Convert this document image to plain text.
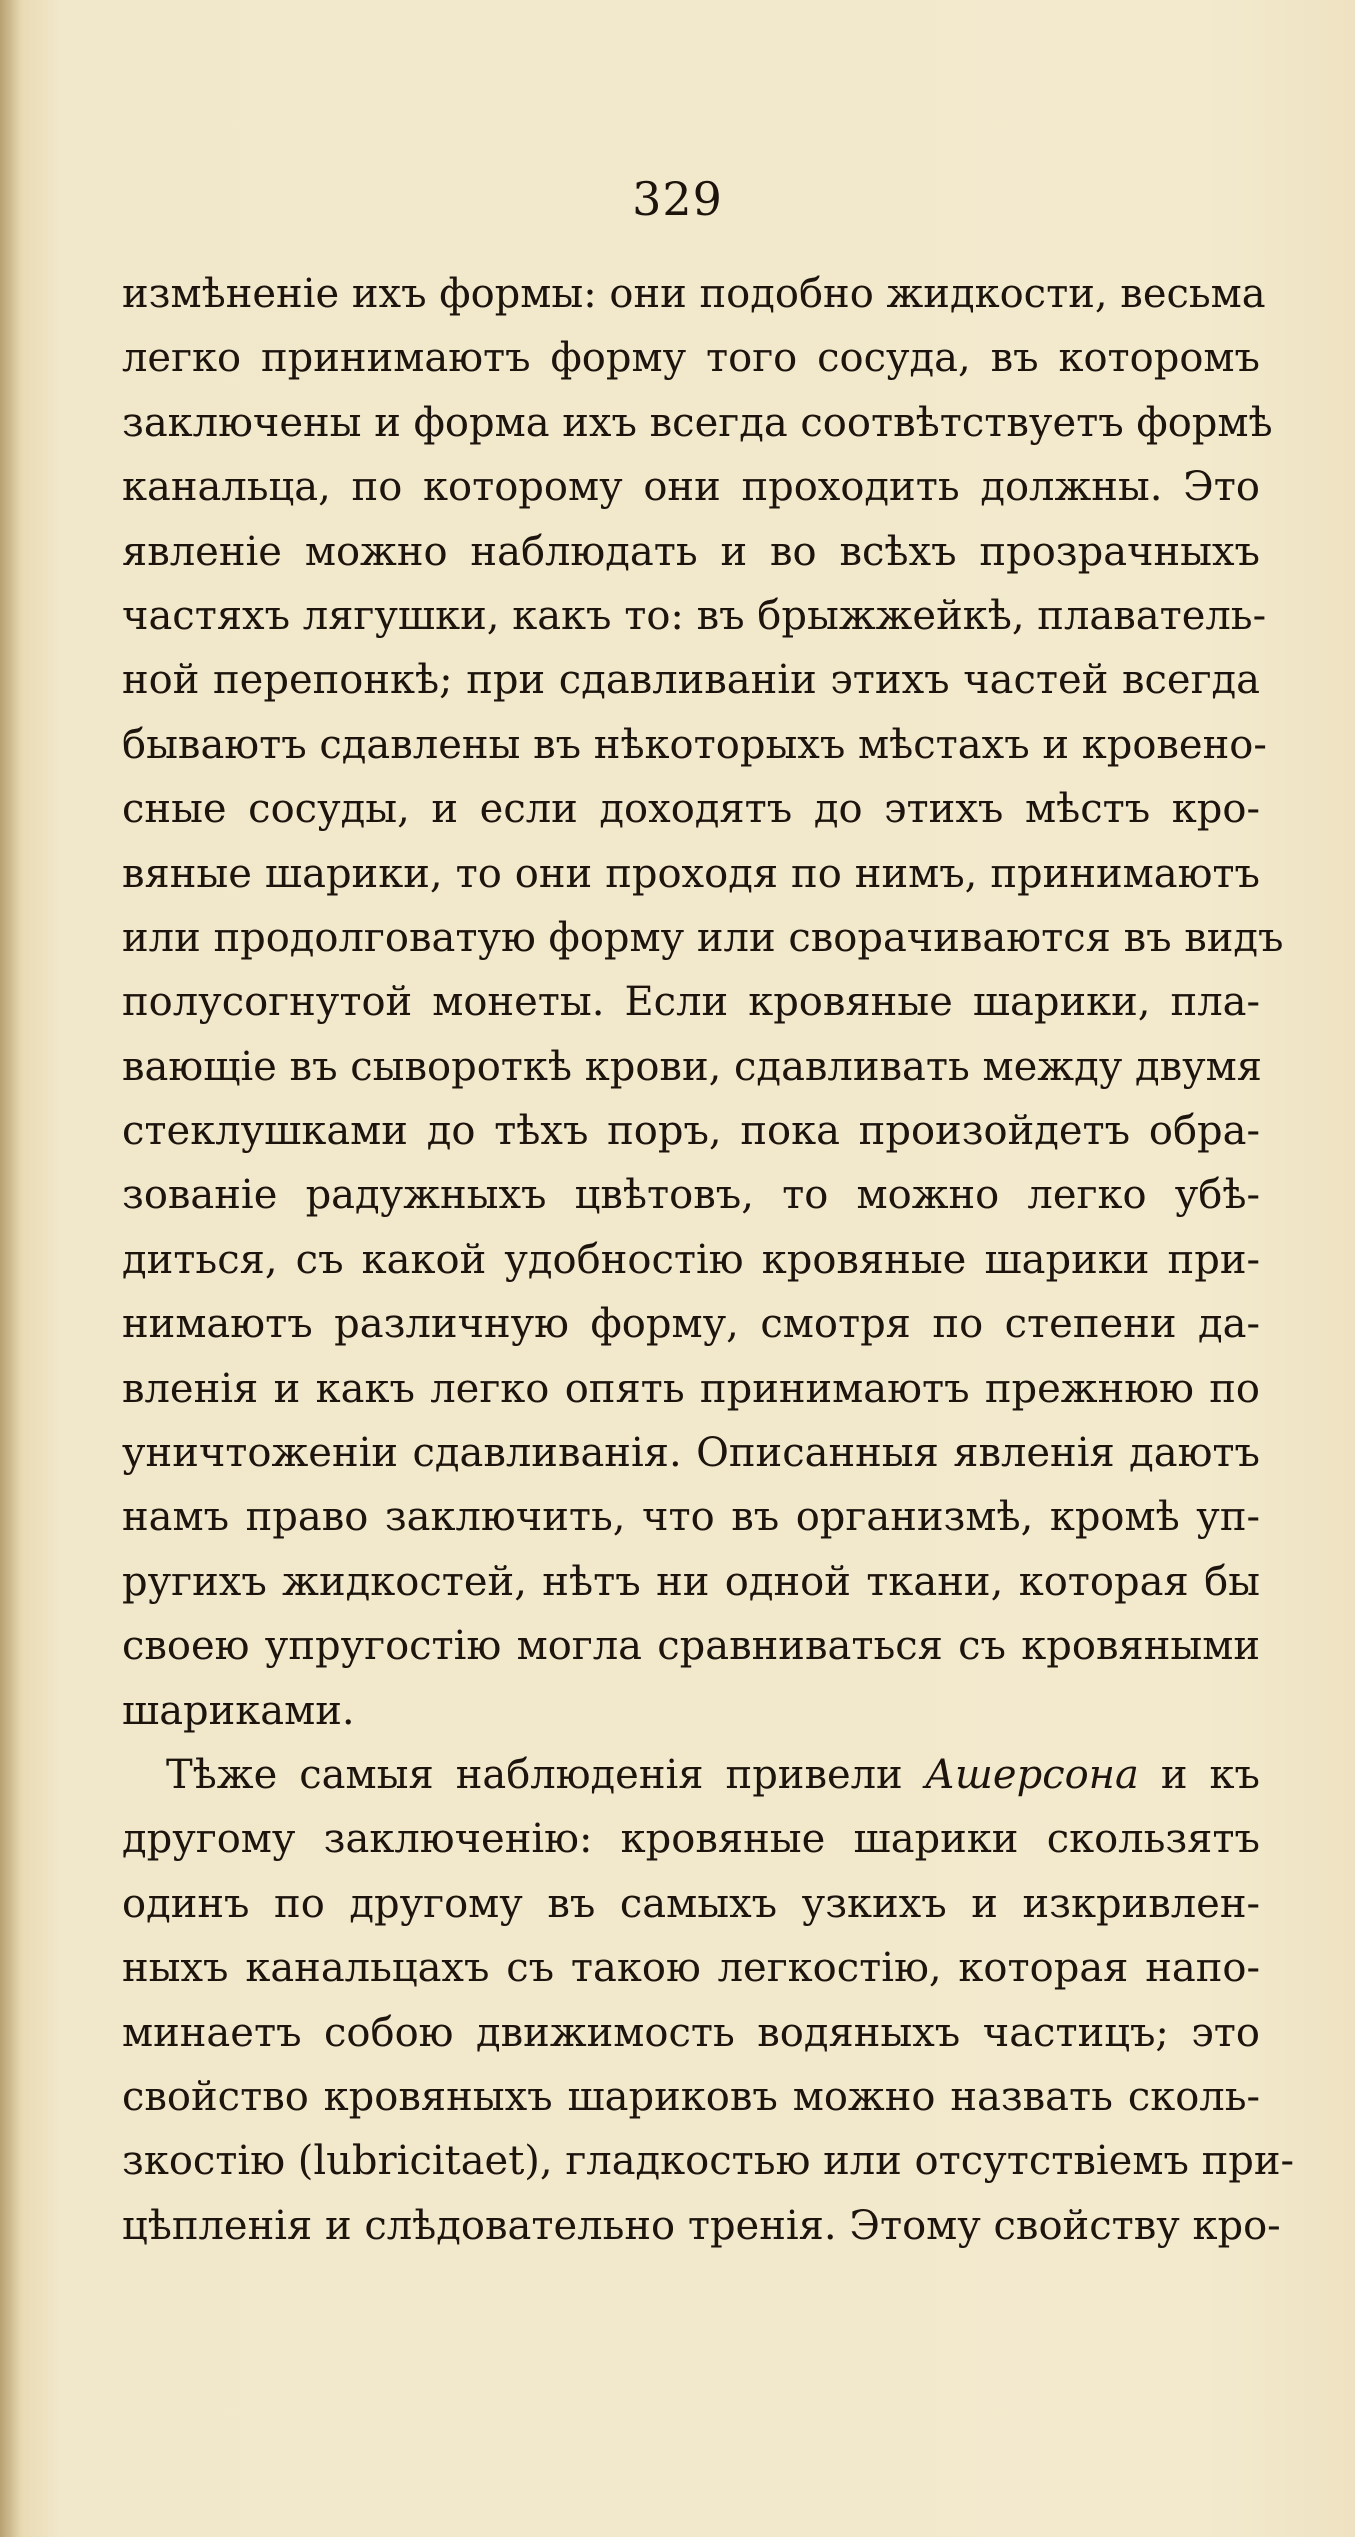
329
измѣненіе ихъ формы: они подобно жидкости, весьма
легко принимаютъ форму того сосуда, въ которомъ
заключены и форма ихъ всегда соотвѣтствуетъ формѣ
канальца, по которому они проходить должны. Это
явленіе можно наблюдать и во всѣхъ прозрачныхъ
частяхъ лягушки, какъ то: въ брыжжейкѣ, плаватель-
ной перепонкѣ; при сдавливаніи этихъ частей всегда
бываютъ сдавлены въ нѣкоторыхъ мѣстахъ и кровено-
сные сосуды, и если доходятъ до этихъ мѣстъ кро-
вяные шарики, то они проходя по нимъ, принимаютъ
или продолговатую форму или сворачиваются въ видъ
полусогнутой монеты. Если кровяные шарики, пла-
вающіе въ сывороткѣ крови, сдавливать между двумя
стеклушками до тѣхъ поръ, пока произойдетъ обра-
зованіе радужныхъ цвѣтовъ, то можно легко убѣ-
диться, съ какой удобностію кровяные шарики при-
нимаютъ различную форму, смотря по степени да-
вленія и какъ легко опять принимаютъ прежнюю по
уничтоженіи сдавливанія. Описанныя явленія даютъ
намъ право заключить, что въ организмѣ, кромѣ уп-
ругихъ жидкостей, нѣтъ ни одной ткани, которая бы
своею упругостію могла сравниваться съ кровяными
шариками.
Тѣже самыя наблюденія привели Ашерсона и къ
другому заключенію: кровяные шарики скользятъ
одинъ по другому въ самыхъ узкихъ и изкривлен-
ныхъ канальцахъ съ такою легкостію, которая напо-
минаетъ собою движимость водяныхъ частицъ; это
свойство кровяныхъ шариковъ можно назвать сколь-
зкостію (lubricitaet), гладкостью или отсутствіемъ при-
цѣпленія и слѣдовательно тренія. Этому свойству кро-
